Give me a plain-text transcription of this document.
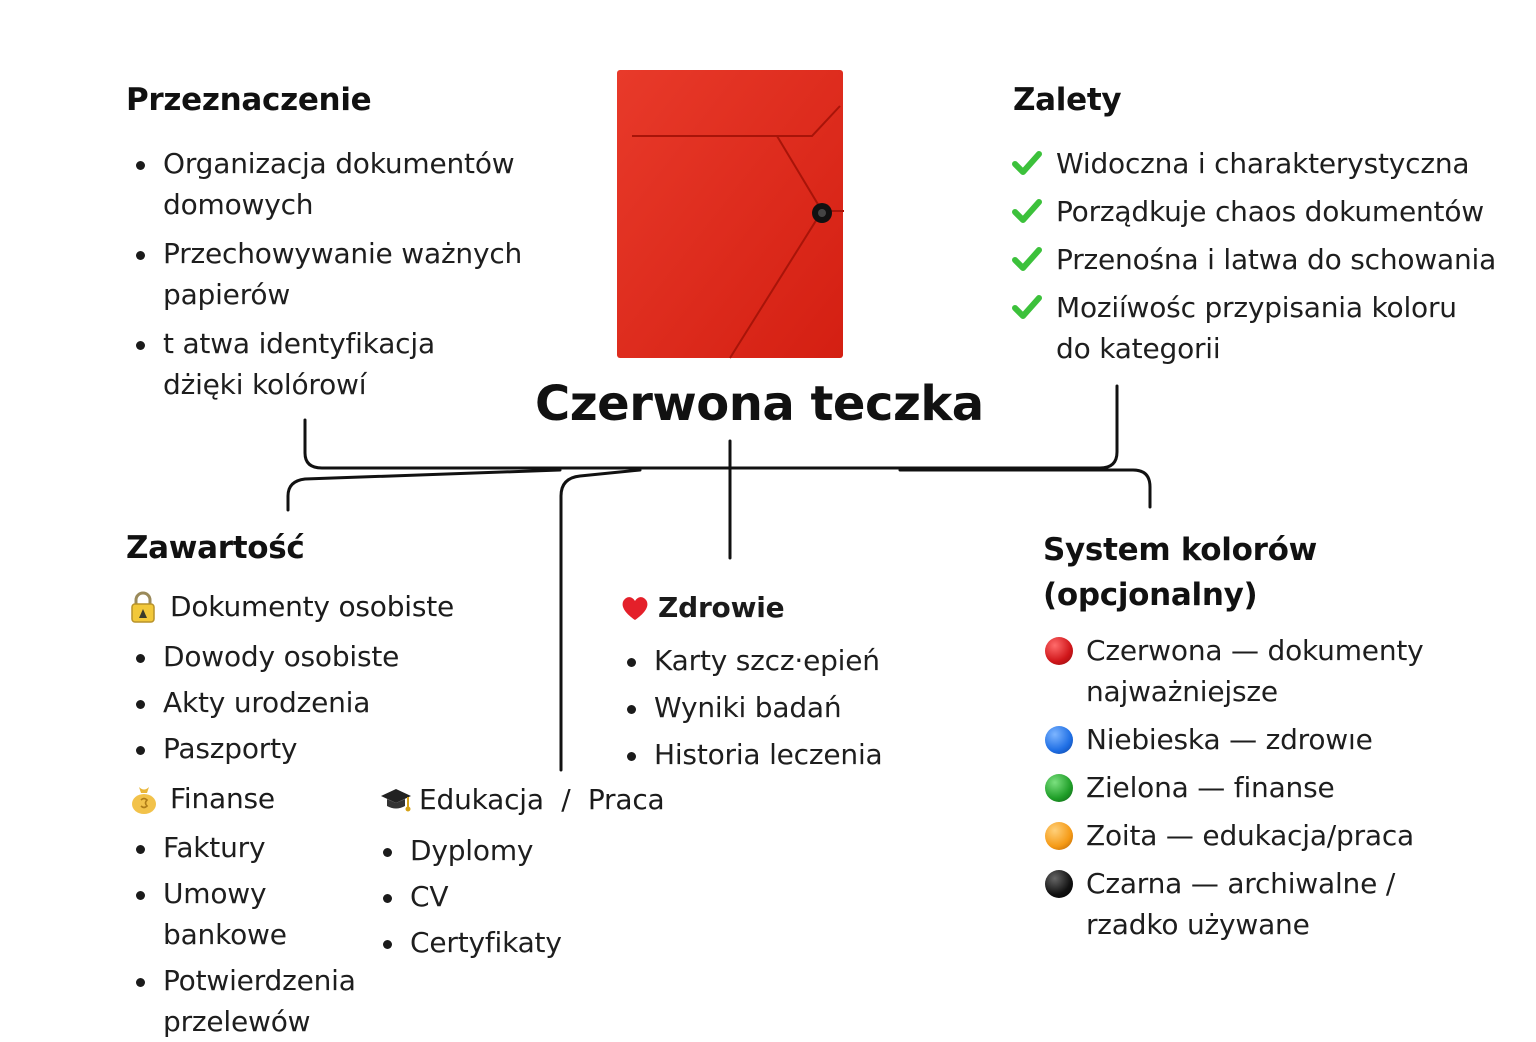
Czerwona teczka
Przeznaczenie
Organizacja dokumentów domowych
Przechowywanie ważnych papierów
t atwa identyfikacja dżięki kolórowí
Zalety
Widoczna i charakterystyczna
Porządkuje chaos dokumentów
Przenośna i latwa do schowania
Moziíwośc przypisania koloru do kategorii
Zawartość
Dokumenty osobiste
Dowody osobiste
Akty urodzenia
Paszporty
Finanse
Faktury
Umowy bankowe
Potwierdzenia przelewów
Edukacja  /  Praca
Dyplomy
CV
Certyfikaty
Zdrowie
Karty szcz·epień
Wyniki badań
Historia leczenia
System kolorów
(opcjonalny)
Czerwona — dokumenty najważniejsze
Niebieska — zdrowıe
Zielona — finanse
Zoita — edukacja/praca
Czarna — archiwalne / rzadko używane
